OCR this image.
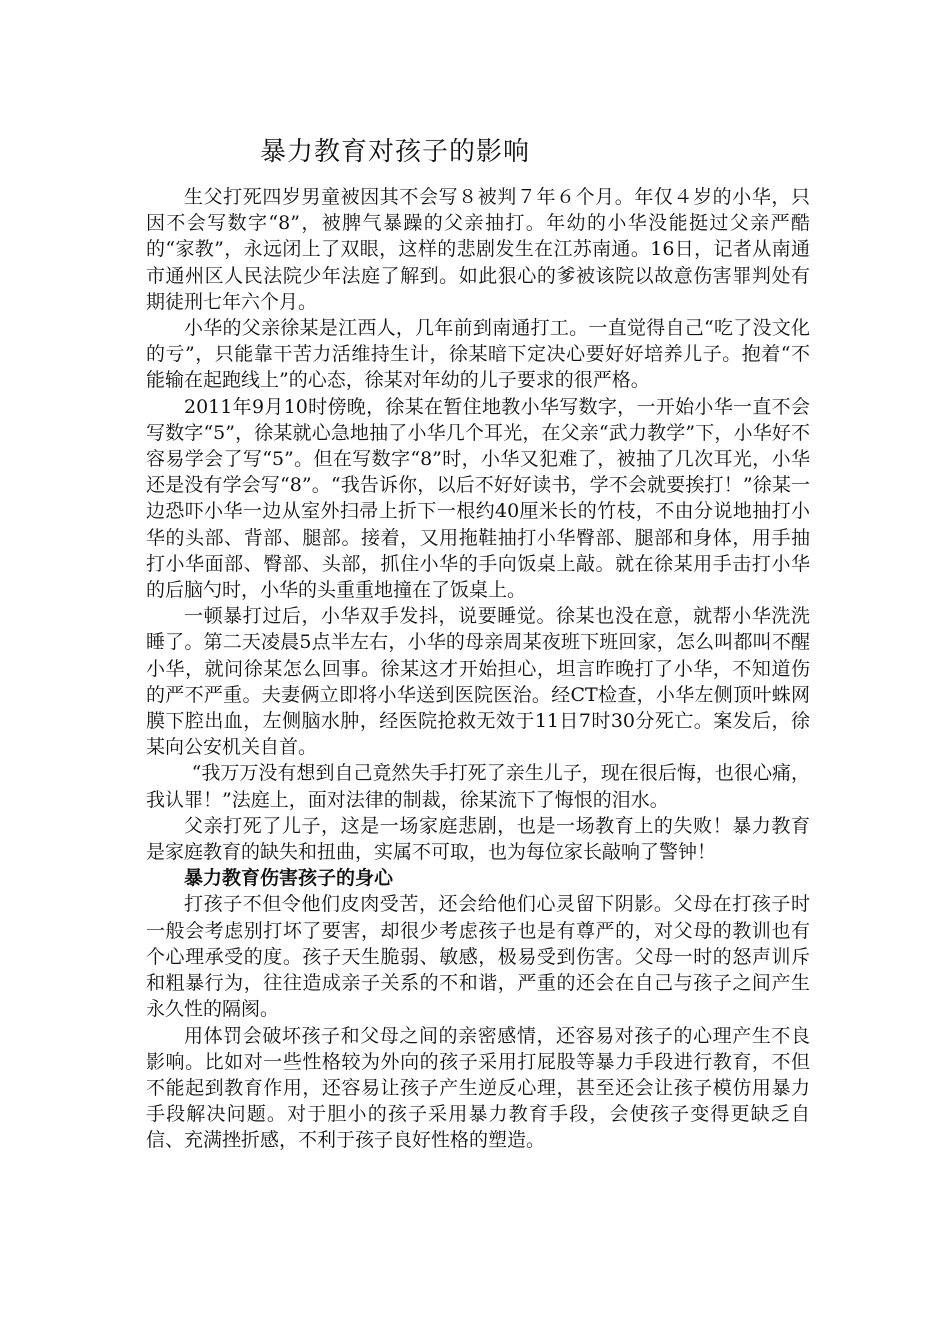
暴力教育对孩子的影响

生父打死四岁男童被因其不会写８被判７年６个月。年仅４岁的小华，只因不会写数字“8”，被脾气暴躁的父亲抽打。年幼的小华没能挺过父亲严酷的“家教”，永远闭上了双眼，这样的悲剧发生在江苏南通。16日，记者从南通市通州区人民法院少年法庭了解到。如此狠心的爹被该院以故意伤害罪判处有期徒刑七年六个月。

小华的父亲徐某是江西人，几年前到南通打工。一直觉得自己“吃了没文化的亏”，只能靠干苦力活维持生计，徐某暗下定决心要好好培养儿子。抱着“不能输在起跑线上”的心态，徐某对年幼的儿子要求的很严格。

2011年9月10时傍晚，徐某在暂住地教小华写数字，一开始小华一直不会写数字“5”，徐某就心急地抽了小华几个耳光，在父亲“武力教学”下，小华好不容易学会了写“5”。但在写数字“8”时，小华又犯难了，被抽了几次耳光，小华还是没有学会写“8”。“我告诉你，以后不好好读书，学不会就要挨打！”徐某一边恐吓小华一边从室外扫帚上折下一根约40厘米长的竹枝，不由分说地抽打小华的头部、背部、腿部。接着，又用拖鞋抽打小华臀部、腿部和身体，用手抽打小华面部、臀部、头部，抓住小华的手向饭桌上敲。就在徐某用手击打小华的后脑勺时，小华的头重重地撞在了饭桌上。

一顿暴打过后，小华双手发抖，说要睡觉。徐某也没在意，就帮小华洗洗睡了。第二天凌晨5点半左右，小华的母亲周某夜班下班回家，怎么叫都叫不醒小华，就问徐某怎么回事。徐某这才开始担心，坦言昨晚打了小华，不知道伤的严不严重。夫妻俩立即将小华送到医院医治。经CT检查，小华左侧顶叶蛛网膜下腔出血，左侧脑水肿，经医院抢救无效于11日7时30分死亡。案发后，徐某向公安机关自首。

“我万万没有想到自己竟然失手打死了亲生儿子，现在很后悔，也很心痛，我认罪！”法庭上，面对法律的制裁，徐某流下了悔恨的泪水。

父亲打死了儿子，这是一场家庭悲剧，也是一场教育上的失败！暴力教育是家庭教育的缺失和扭曲，实属不可取，也为每位家长敲响了警钟！

暴力教育伤害孩子的身心

打孩子不但令他们皮肉受苦，还会给他们心灵留下阴影。父母在打孩子时一般会考虑别打坏了要害，却很少考虑孩子也是有尊严的，对父母的教训也有个心理承受的度。孩子天生脆弱、敏感，极易受到伤害。父母一时的怒声训斥和粗暴行为，往往造成亲子关系的不和谐，严重的还会在自己与孩子之间产生永久性的隔阂。

用体罚会破坏孩子和父母之间的亲密感情，还容易对孩子的心理产生不良影响。比如对一些性格较为外向的孩子采用打屁股等暴力手段进行教育，不但不能起到教育作用，还容易让孩子产生逆反心理，甚至还会让孩子模仿用暴力手段解决问题。对于胆小的孩子采用暴力教育手段，会使孩子变得更缺乏自信、充满挫折感，不利于孩子良好性格的塑造。
